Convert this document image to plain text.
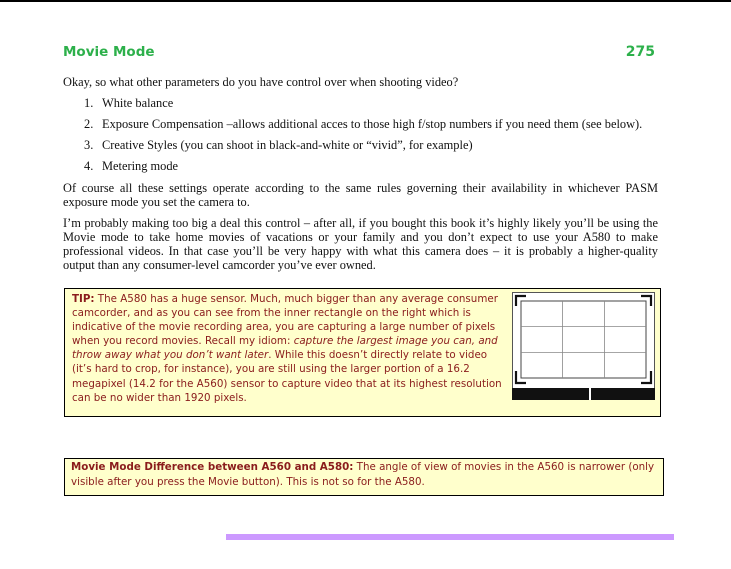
Movie Mode	275
Okay, so what other parameters do you have control over when shooting video?
1. White balance
2. Exposure Compensation –allows additional acces to those high f/stop numbers if you need them (see below).
3. Creative Styles (you can shoot in black-and-white or “vivid”, for example)
4. Metering mode
Of course all these settings operate according to the same rules governing their availability in whichever PASM exposure mode you set the camera to.
I’m probably making too big a deal this control – after all, if you bought this book it’s highly likely you’ll be using the Movie mode to take home movies of vacations or your family and you don’t expect to use your A580 to make professional videos. In that case you’ll be very happy with what this camera does – it is probably a higher-quality output than any consumer-level camcorder you’ve ever owned.
TIP: The A580 has a huge sensor. Much, much bigger than any average consumer camcorder, and as you can see from the inner rectangle on the right which is indicative of the movie recording area, you are capturing a large number of pixels when you record movies. Recall my idiom: capture the largest image you can, and throw away what you don’t want later. While this doesn’t directly relate to video (it’s hard to crop, for instance), you are still using the larger portion of a 16.2 megapixel (14.2 for the A560) sensor to capture video that at its highest resolution can be no wider than 1920 pixels.
Movie Mode Difference between A560 and A580: The angle of view of movies in the A560 is narrower (only visible after you press the Movie button). This is not so for the A580.
